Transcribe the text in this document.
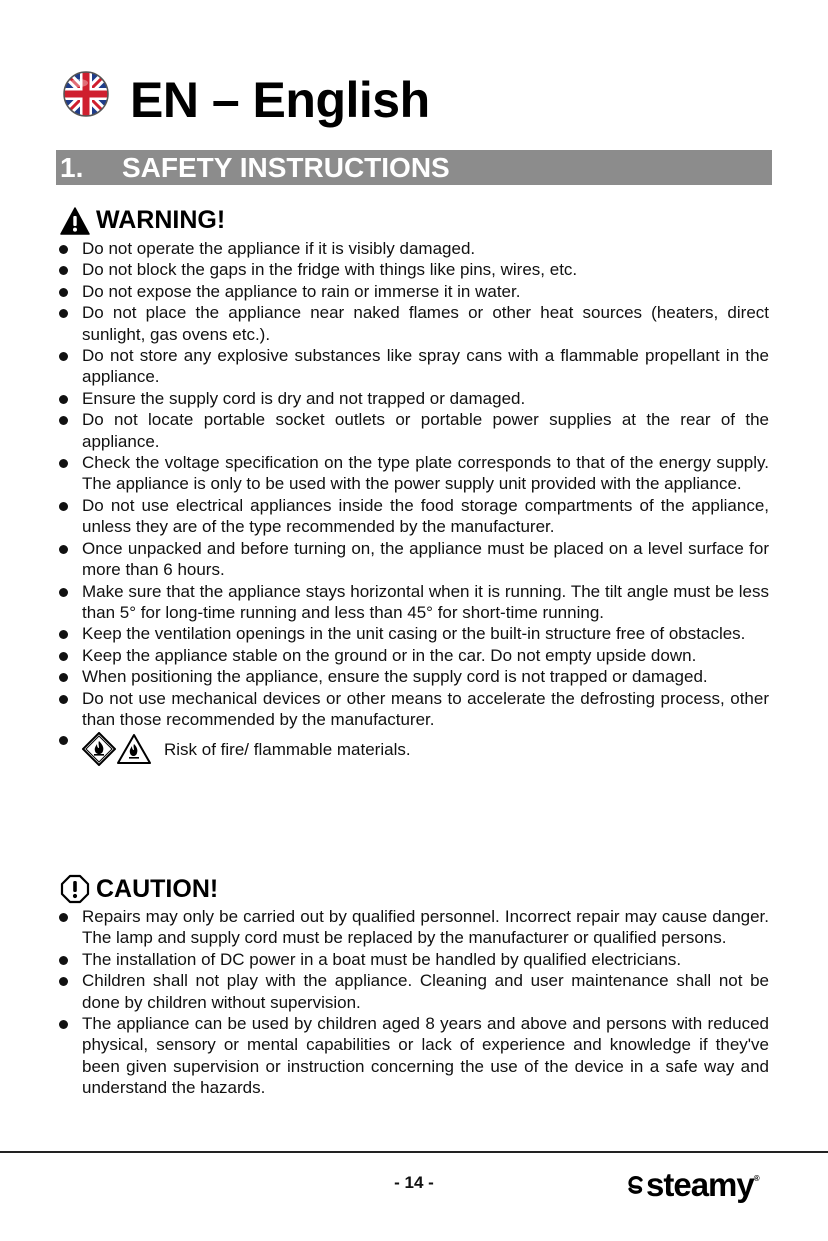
EN – English
1.	SAFETY INSTRUCTIONS
WARNING!
Do not operate the appliance if it is visibly damaged.
Do not block the gaps in the fridge with things like pins, wires, etc.
Do not expose the appliance to rain or immerse it in water.
Do not place the appliance near naked flames or other heat sources (heaters, direct sunlight, gas ovens etc.).
Do not store any explosive substances like spray cans with a flammable propellant in the appliance.
Ensure the supply cord is dry and not trapped or damaged.
Do not locate portable socket outlets or portable power supplies at the rear of the appliance.
Check the voltage specification on the type plate corresponds to that of the energy supply. The appliance is only to be used with the power supply unit provided with the appliance.
Do not use electrical appliances inside the food storage compartments of the appliance, unless they are of the type recommended by the manufacturer.
Once unpacked and before turning on, the appliance must be placed on a level surface for more than 6 hours.
Make sure that the appliance stays horizontal when it is running. The tilt angle must be less than 5° for long-time running and less than 45° for short-time running.
Keep the ventilation openings in the unit casing or the built-in structure free of obstacles.
Keep the appliance stable on the ground or in the car. Do not empty upside down.
When positioning the appliance, ensure the supply cord is not trapped or damaged.
Do not use mechanical devices or other means to accelerate the defrosting process, other than those recommended by the manufacturer.
Risk of fire/ flammable materials.
CAUTION!
Repairs may only be carried out by qualified personnel. Incorrect repair may cause danger. The lamp and supply cord must be replaced by the manufacturer or qualified persons.
The installation of DC power in a boat must be handled by qualified electricians.
Children shall not play with the appliance. Cleaning and user maintenance shall not be done by children without supervision.
The appliance can be used by children aged 8 years and above and persons with reduced physical, sensory or mental capabilities or lack of experience and knowledge if they've been given supervision or instruction concerning the use of the device in a safe way and understand the hazards.
- 14 -	steamy®
